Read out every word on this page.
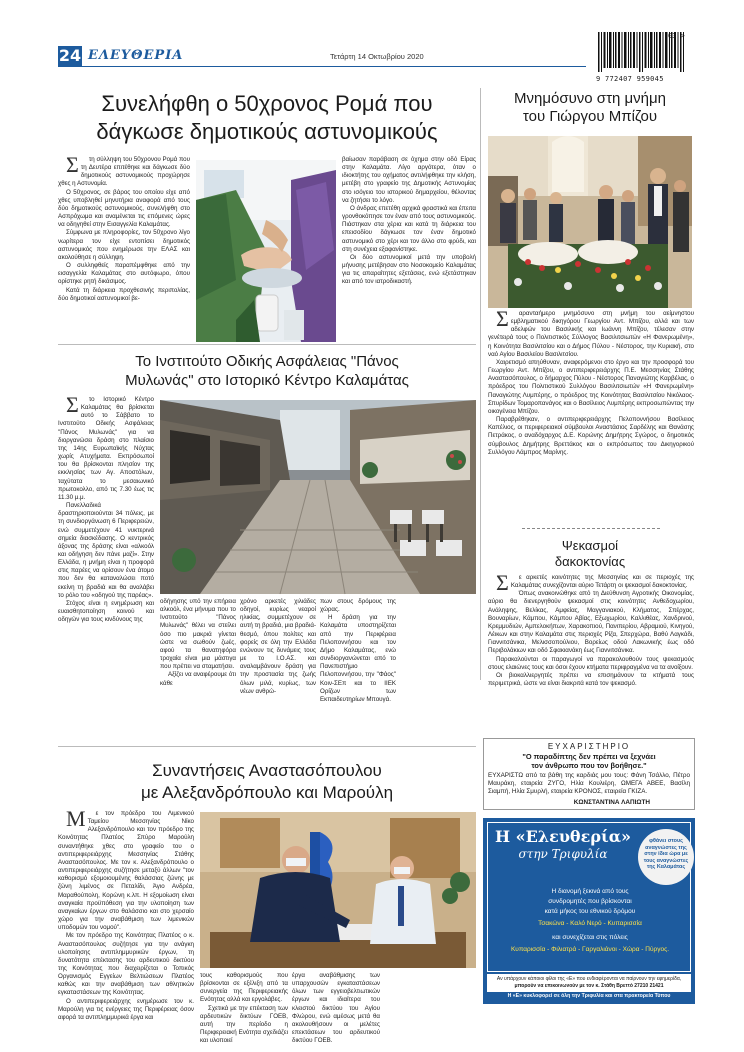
24 ΕΛΕΥΘΕΡΙΑ	Τετάρτη 14 Οκτωβρίου 2020
9 772407 959045
03 >
Συνελήφθη ο 50χρονος Ρομά που
δάγκωσε δημοτικούς αστυνομικούς

Στη σύλληψη του 50χρονου Ρομά που τη Δευτέρα επιτέθηκε και δάγκωσε δύο δημοτικούς αστυνομικούς προχώρησε χθες η Αστυνομία.

Ο 50χρονος, σε βάρος του οποίου είχε από χθες υποβληθεί μηνυτήρια αναφορά από τους δύο δημοτικούς αστυνομικούς, συνελήφθη στο Ασπρόχωμα και αναμένεται τις επόμενες ώρες να οδηγηθεί στην Εισαγγελία Καλαμάτας.

Σύμφωνα με πληροφορίες, τον 50χρονο λίγο νωρίτερα τον είχε εντοπίσει δημοτικός αστυνομικός που ενημέρωσε την ΕΛΑΣ και ακολούθησε η σύλληψη.

Ο συλληφθείς παραπέμφθηκε από την εισαγγελία Καλαμάτας στο αυτόφωρο, όπου ορίστηκε ρητή δικάσιμος.

Κατά τη διάρκεια προχθεσινής περιπολίας, δύο δημοτικοί αστυνομικοί βε-

βαίωσαν παράβαση σε όχημα στην οδό Είρας στην Καλαμάτα. Λίγο αργότερα, όταν ο ιδιοκτήτης του οχήματος αντιλήφθηκε την κλήση, μετέβη στο γραφείο της Δημοτικής Αστυνομίας στο ισόγειο του ιστορικού δημαρχείου, θέλοντας να ζητήσει το λόγο.

Ο άνδρας επετέθη αρχικά φραστικά και έπειτα γρονθοκόπησε τον έναν από τους αστυνομικούς. Πιάστηκαν στα χέρια και κατά τη διάρκεια του επεισοδίου δάγκωσε τον έναν δημοτικό αστυνομικό στο χέρι και τον άλλο στο φρύδι, και στη συνέχεια εξαφανίστηκε.

Οι δύο αστυνομικοί μετά την υποβολή μήνυσης μετέβησαν στο Νοσοκομείο Καλαμάτας για τις απαραίτητες εξετάσεις, ενώ εξετάστηκαν και από τον ιατροδικαστή.

Μνημόσυνο στη μνήμη
του Γιώργου Μπίζου

Σαρανταήμερο μνημόσυνο στη μνήμη του αείμνηστου εμβληματικού δικηγόρου Γεωργίου Αντ. Μπίζου, αλλά και των αδελφών του Βασιλικής και Ιωάννη Μπίζου, τέλεσαν στην γενέτειρά τους ο Πολιτιστικός Σύλλογος Βασιλιτσιωτών «Η Φανερωμένη», η Κοινότητα Βασιλιτσίου και ο Δήμος Πύλου - Νέστορος, την Κυριακή, στο ναό Αγίου Βασιλείου Βασιλιτσίου.

Χαιρετισμό απηύθυναν, αναφερόμενοι στο έργο και την προσφορά του Γεωργίου Αντ. Μπίζου, ο αντιπεριφερειάρχης Π.Ε. Μεσσηνίας Στάθης Αναστασόπουλος, ο δήμαρχος Πύλου - Νέστορος Παναγιώτης Καρβέλας, ο πρόεδρος του Πολιτιστικού Συλλόγου Βασιλιτσιωτών «Η Φανερωμένη» Παναγιώτης Λυμπέρης, ο πρόεδρος της Κοινότητας Βασιλιτσίου Νικόλαος-Σπυρίδων Τομαροπανάγος και ο Βασίλειος Λυμπέρης εκπροσωπώντας την οικογένεια Μπίζου.

Παραβρέθηκαν, ο αντιπεριφερειάρχης Πελοποννήσου Βασίλειος Καπέλιος, οι περιφερειακοί σύμβουλοι Αναστάσιος Σαρδέλης και Θανάσης Πετράκος, ο αναδόχαρχος Δ.Ε. Κορώνης Δημήτρης Σγώρος, ο δημοτικός σύμβουλος Δημήτρης Βρεττάκος και ο εκπρόσωπος του Δικηγορικού Συλλόγου Λάμπρος Μαρίνης.

Ψεκασμοί
δακοκτονίας

Σε αρκετές κοινότητες της Μεσσηνίας και σε περιοχές της Καλαμάτας συνεχίζονται αύριο Τετάρτη οι ψεκασμοί δακοκτονίας.

Όπως ανακοινώθηκε από τη Διεύθυνση Αγροτικής Οικονομίας, αύριο θα διενεργηθούν ψεκασμοί στις κοινότητες Ανθεδοχωρίου, Ανάληψης, Βελίκας, Αμφείας, Μαγγανιακού, Κλήματος, Σπέρχας, Βουναρίων, Κάμπου, Κάμπου Αβίας, Εξωχωρίου, Καλλιθέας, Χανδρινού, Κρεμμυδιών, Αμπελοκήπων, Χαρακοπιού, Πανιπερίου, Αβραμιού, Κινηγού, Λέικων και στην Καλαμάτα στις περιοχές Ρίζα, Σπερχώρα, Βαθύ Λαγκάδι, Γιαννιτσάνικα, Μελισσοπούλιου, Βορείως οδού Λακωνικής έως οδό Περιβολάκιων και οδό Σφακιανάκη έως Γιαννιτσάνικα.

Παρακαλούνται οι παραγωγοί να παρακολουθούν τους ψεκασμούς στους ελαιώνες τους και όσοι έχουν κτήματα περιφραγμένα να τα ανοίξουν.

Οι βιοκαλλιεργητές πρέπει να επισημάνουν τα κτήματά τους περιμετρικά, ώστε να είναι διακριτά κατά τον ψεκασμό.

Το Ινστιτούτο Οδικής Ασφάλειας "Πάνος
Μυλωνάς" στο Ιστορικό Κέντρο Καλαμάτας

Στο Ιστορικό Κέντρο Καλαμάτας θα βρίσκεται αυτό το Σάββατο το Ινστιτούτο Οδικής Ασφάλειας "Πάνος Μυλωνάς" για να διοργανώσει δράση στο πλαίσιο της 14ης Ευρωπαϊκής Νύχτας χωρίς Ατυχήματα. Εκπρόσωποί του θα βρίσκονται πλησίον της εκκλησίας των Αγ. Αποστόλων, ταχύτατα το μεσαιωνικό πρωτοκολλο, από τις 7.30 έως τις 11.30 μ.μ.

Πανελλαδικά δραστηριοποιούνται 34 πόλεις, με τη συνδιοργάνωση 6 Περιφερειών, ενώ συμμετέχουν 41 νυκτερινά σημεία διασκέδασης. Ο κεντρικός άξονας της δράσης είναι «αλκοόλ και οδήγηση δεν πάνε μαζί». Στην Ελλάδα, η μνήμη είναι η προφορά στις παρέες να ορίσουν ένα άτομο που δεν θα καταναλώσει ποτό εκείνη τη βραδιά και θα αναλάβει το ρόλο του «οδηγού της παρέας».

Στόχος είναι η ενημέρωση και ευαισθητοποίηση κοινού και οδηγών για τους κινδύνους της

οδήγησης υπό την επήρεια αλκοόλ, ένα μήνυμα που το Ινστιτούτο "Πάνος Μυλωνάς" θέλει να στείλει όσο πιο μακριά γίνεται ώστε να σωθούν ζωές, αφού τα θανατηφόρα τροχαία είναι μια μάστιγα που πρέπει να σταματήσει.

Αξίζει να αναφέρουμε ότι κάθε

χρόνο αρκετές χιλιάδες οδηγοί, κυρίως νεαροί ηλικίας, συμμετέχουν σε αυτή τη βραδιά, μια βραδιά-θεσμό, όπου πολίτες και φορείς σε όλη την Ελλάδα ενώνουν τις δυνάμεις τους με το Ι.Ο.ΑΣ. και αναλαμβάνουν δράση για την προστασία της ζωής όλων μιλά, κυρίως, των νέων ανθρώ-

πων στους δρόμους της χώρας.

Η δράση για την Καλαμάτα υποστηρίζεται από την Περιφέρεια Πελοποννήσου και τον Δήμο Καλαμάτας, ενώ συνδιοργανώνεται από το Πανεπιστήμιο Πελοποννήσου, την "Φάος" Κοιν-ΣΕπ και το ΙΙΕΚ Ορίζων των Εκπαιδευτηρίων Μπουγά.

Συναντήσεις Αναστασόπουλου
με Αλεξανδρόπουλο και Μαρούλη

Με τον πρόεδρο του Λιμενικού Ταμείου Μεσσηνίας Νίκο Αλεξανδρόπουλο και τον πρόεδρο της Κοινότητας Πλατέος Σπύρο Μαρούλη συναντήθηκε χθες στο γραφείο του ο αντιπεριφερειάρχης Μεσσηνίας Στάθης Αναστασόπουλος. Με τον κ. Αλεξανδρόπουλο ο αντιπεριφερειάρχης συζήτησε μεταξύ άλλων "τον καθορισμό εξομοιουμένης θαλάσσιας ζώνης με ζώνη λιμένος σε Πεταλίδι, Άγιο Ανδρέα, Μαραθούπολη, Κορώνη κ.λπ. Η εξομοίωση είναι αναγκαία προϋπόθεση για την υλοποίηση των αναγκαίων έργων στο θαλάσσιο και στο χερσαίο χώρο για την αναβάθμιση των λιμενικών υποδομών του νομού".

Με τον πρόεδρο της Κοινότητας Πλατέος ο κ. Αναστασόπουλος συζήτησε για την ανάγκη υλοποίησης αντιπλημμυρικών έργων, τη δυνατότητα επέκτασης του αρδευτικού δικτύου της Κοινότητας που διαχειρίζεται ο Τοπικός Οργανισμός Εγγείων Βελτιώσεων Πλατέος καθώς και την αναβάθμιση των αθλητικών εγκαταστάσεων της Κοινότητας.

Ο αντιπεριφερειάρχης ενημέρωσε τον κ. Μαρούλη για τις ενέργειες της Περιφέρειας όσον αφορά τα αντιπλημμυρικά έργα και

τους καθορισμούς που βρίσκονται σε εξέλιξη από τα συνεργεία της Περιφερειακής Ενότητας αλλά και εργολάβες.

Σχετικά με την επέκταση των αρδευτικών δικτύων ΓΟΕΒ, αυτή την περίοδο η Περιφερειακή Ενότητα σχεδιάζει και υλοποιεί

έργα αναβάθμισης των υπαρχουσών εγκαταστάσεων όλων των εγγειοβελτιωτικών έργων και ιδιαίτερα του κλειστού δικτύου του Αγίου Φλώρου, ενώ αμέσως μετά θα ακολουθήσουν οι μελέτες επεκτάσεων του αρδευτικού δικτύου ΓΟΕΒ.

ΕΥΧΑΡΙΣΤΗΡΙΟ
"Ο παραδίπτης δεν πρέπει να ξεχνάει
τον άνθρωπο που τον βοήθησε."
ΕΥΧΑΡΙΣΤΩ από τα βάθη της καρδιάς μου τους: Φάνη Τσάλλο, Πέτρο Μαυράκη, εταιρεία ΖΥΓΟ, Ηλία Κουλιέρη, ΩΜΕΓΑ ΑΒΕΕ, Βασίλη Σιαμπή, Ηλία Σμυρλή, εταιρεία ΚΡΟΝΟΣ, εταιρεία ΓΚΙΖΑ.
ΚΩΝΣΤΑΝΤΙΝΑ ΛΑΠΙΩΤΗ
Η «Ελευθερία»
στην Τριφυλία
φθάνει στους αναγνώστες της στην ίδια ώρα με τους αναγνώστες της Καλαμάτας
Η διανομή ξεκινά από τους
συνδρομητές που βρίσκονται
κατά μήκος του εθνικού δρόμου
Τσακώνα - Καλό Νερό - Κυπαρισσία
και συνεχίζεται στις πόλεις
Κυπαρισσία - Φιλιατρά - Γαργαλιάνοι - Χώρα - Πύργος.
Αν υπάρχουν κάποιοι φίλοι της «Ε» που ενδιαφέρονται να παίρνουν την εφημερίδα,
μπορούν να επικοινωνούν με τον κ. Στάθη Βρεττό 27210 21421
Η «Ε» κυκλοφορεί σε όλη την Τριφυλία και στα πρακτορεία Τύπου
